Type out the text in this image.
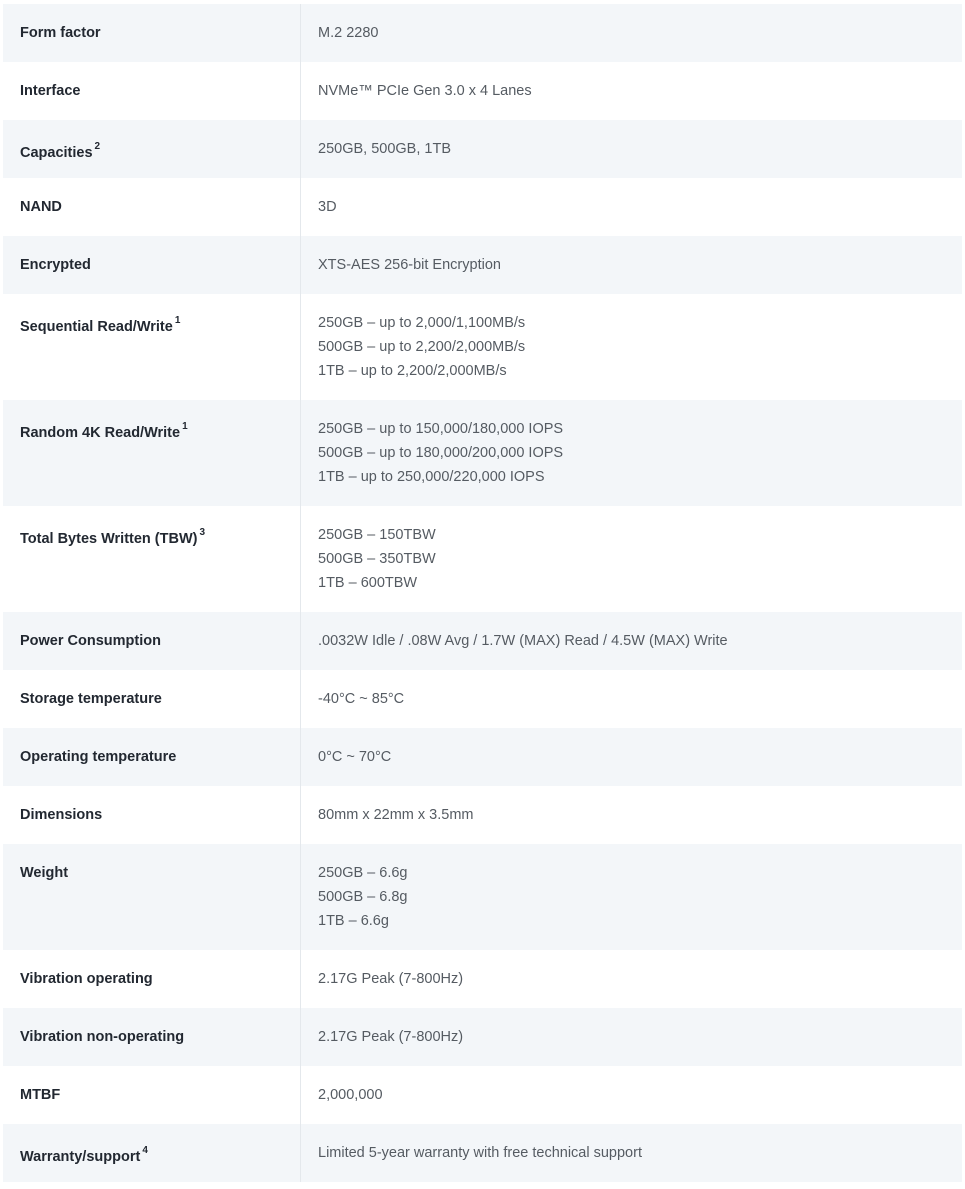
Form factor	M.2 2280
Interface	NVMe™ PCIe Gen 3.0 x 4 Lanes
Capacities $^2$	250GB, 500GB, 1TB
NAND	3D
Encrypted	XTS-AES 256-bit Encryption
Sequential Read/Write $^1$	250GB – up to 2,000/1,100MB/s
500GB – up to 2,200/2,000MB/s
1TB – up to 2,200/2,000MB/s
Random 4K Read/Write $^1$	250GB – up to 150,000/180,000 IOPS
500GB – up to 180,000/200,000 IOPS
1TB – up to 250,000/220,000 IOPS
Total Bytes Written (TBW) $^3$	250GB – 150TBW
500GB – 350TBW
1TB – 600TBW
Power Consumption	.0032W Idle / .08W Avg / 1.7W (MAX) Read / 4.5W (MAX) Write
Storage temperature	-40°C ~ 85°C
Operating temperature	0°C ~ 70°C
Dimensions	80mm x 22mm x 3.5mm
Weight	250GB – 6.6g
500GB – 6.8g
1TB – 6.6g
Vibration operating	2.17G Peak (7-800Hz)
Vibration non-operating	2.17G Peak (7-800Hz)
MTBF	2,000,000
Warranty/support $^4$	Limited 5-year warranty with free technical support
